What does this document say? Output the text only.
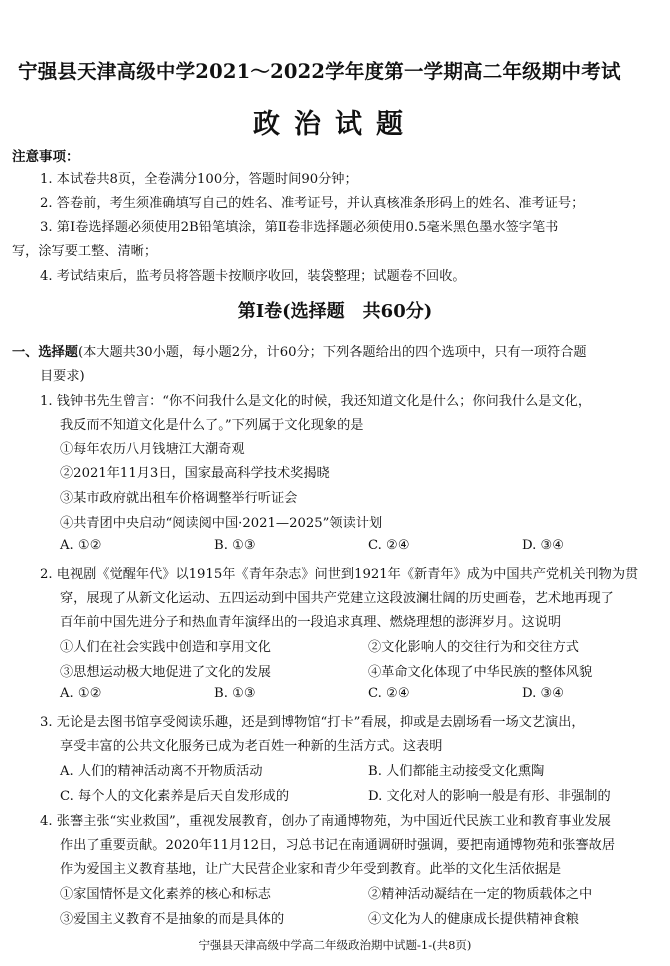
宁强县天津高级中学2021～2022学年度第一学期高二年级期中考试
政治试题
注意事项：
1. 本试卷共8页，全卷满分100分，答题时间90分钟；
2. 答卷前，考生须准确填写自己的姓名、准考证号，并认真核准条形码上的姓名、准考证号；
3. 第Ⅰ卷选择题必须使用2B铅笔填涂，第Ⅱ卷非选择题必须使用0.5毫米黑色墨水签字笔书
写，涂写要工整、清晰；
4. 考试结束后，监考员将答题卡按顺序收回，装袋整理；试题卷不回收。
第Ⅰ卷(选择题　共60分)
一、选择题(本大题共30小题，每小题2分，计60分；下列各题给出的四个选项中，只有一项符合题
目要求)
1. 钱钟书先生曾言：“你不问我什么是文化的时候，我还知道文化是什么；你问我什么是文化，
我反而不知道文化是什么了。”下列属于文化现象的是
①每年农历八月钱塘江大潮奇观
②2021年11月3日，国家最高科学技术奖揭晓
③某市政府就出租车价格调整举行听证会
④共青团中央启动“阅读阅中国·2021—2025”领读计划
A. ①②	B. ①③	C. ②④	D. ③④
2. 电视剧《觉醒年代》以1915年《青年杂志》问世到1921年《新青年》成为中国共产党机关刊物为贯
穿，展现了从新文化运动、五四运动到中国共产党建立这段波澜壮阔的历史画卷，艺术地再现了
百年前中国先进分子和热血青年演绎出的一段追求真理、燃烧理想的澎湃岁月。这说明
①人们在社会实践中创造和享用文化	②文化影响人的交往行为和交往方式
③思想运动极大地促进了文化的发展	④革命文化体现了中华民族的整体风貌
A. ①②	B. ①③	C. ②④	D. ③④
3. 无论是去图书馆享受阅读乐趣，还是到博物馆“打卡”看展，抑或是去剧场看一场文艺演出，
享受丰富的公共文化服务已成为老百姓一种新的生活方式。这表明
A. 人们的精神活动离不开物质活动	B. 人们都能主动接受文化熏陶
C. 每个人的文化素养是后天自发形成的	D. 文化对人的影响一般是有形、非强制的
4. 张謇主张“实业救国”，重视发展教育，创办了南通博物苑，为中国近代民族工业和教育事业发展
作出了重要贡献。2020年11月12日，习总书记在南通调研时强调，要把南通博物苑和张謇故居
作为爱国主义教育基地，让广大民营企业家和青少年受到教育。此举的文化生活依据是
①家国情怀是文化素养的核心和标志	②精神活动凝结在一定的物质载体之中
③爱国主义教育不是抽象的而是具体的	④文化为人的健康成长提供精神食粮
宁强县天津高级中学高二年级政治期中试题-1-(共8页)
